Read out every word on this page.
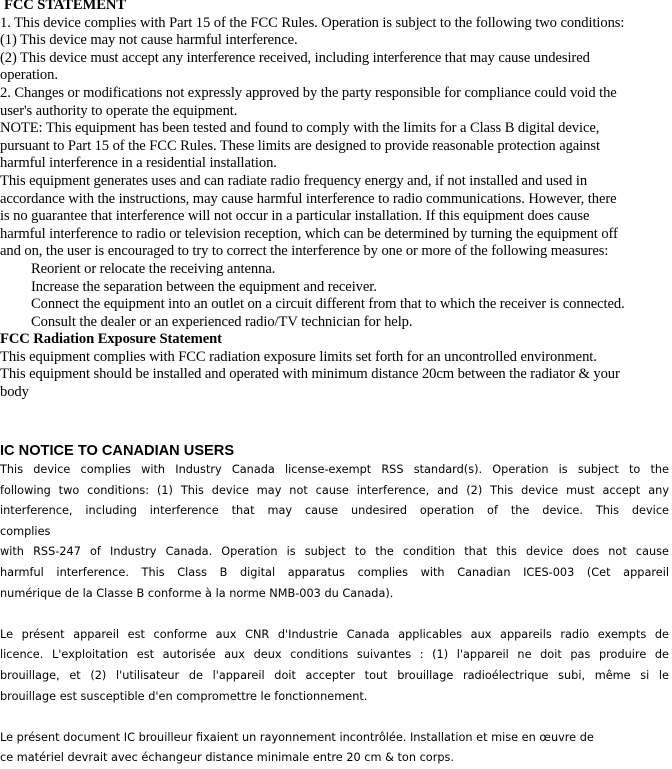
FCC STATEMENT
1. This device complies with Part 15 of the FCC Rules. Operation is subject to the following two conditions:
(1) This device may not cause harmful interference.
(2) This device must accept any interference received, including interference that may cause undesired
operation.
2. Changes or modifications not expressly approved by the party responsible for compliance could void the
user's authority to operate the equipment.
NOTE: This equipment has been tested and found to comply with the limits for a Class B digital device,
pursuant to Part 15 of the FCC Rules. These limits are designed to provide reasonable protection against
harmful interference in a residential installation.
This equipment generates uses and can radiate radio frequency energy and, if not installed and used in
accordance with the instructions, may cause harmful interference to radio communications. However, there
is no guarantee that interference will not occur in a particular installation. If this equipment does cause
harmful interference to radio or television reception, which can be determined by turning the equipment off
and on, the user is encouraged to try to correct the interference by one or more of the following measures:
Reorient or relocate the receiving antenna.
Increase the separation between the equipment and receiver.
Connect the equipment into an outlet on a circuit different from that to which the receiver is connected.
Consult the dealer or an experienced radio/TV technician for help.
FCC Radiation Exposure Statement
This equipment complies with FCC radiation exposure limits set forth for an uncontrolled environment.
This equipment should be installed and operated with minimum distance 20cm between the radiator & your
body
IC NOTICE TO CANADIAN USERS
This device complies with Industry Canada license-exempt RSS standard(s). Operation is subject to the
following two conditions: (1) This device may not cause interference, and (2) This device must accept any
interference, including interference that may cause undesired operation of the device. This device
complies
with RSS-247 of Industry Canada. Operation is subject to the condition that this device does not cause
harmful interference. This Class B digital apparatus complies with Canadian ICES-003 (Cet appareil
numérique de la Classe B conforme à la norme NMB-003 du Canada).
Le présent appareil est conforme aux CNR d'Industrie Canada applicables aux appareils radio exempts de
licence. L'exploitation est autorisée aux deux conditions suivantes : (1) l'appareil ne doit pas produire de
brouillage, et (2) l'utilisateur de l'appareil doit accepter tout brouillage radioélectrique subi, même si le
brouillage est susceptible d'en compromettre le fonctionnement.
Le présent document IC brouilleur fixaient un rayonnement incontrôlée. Installation et mise en œuvre de
ce matériel devrait avec échangeur distance minimale entre 20 cm & ton corps.
